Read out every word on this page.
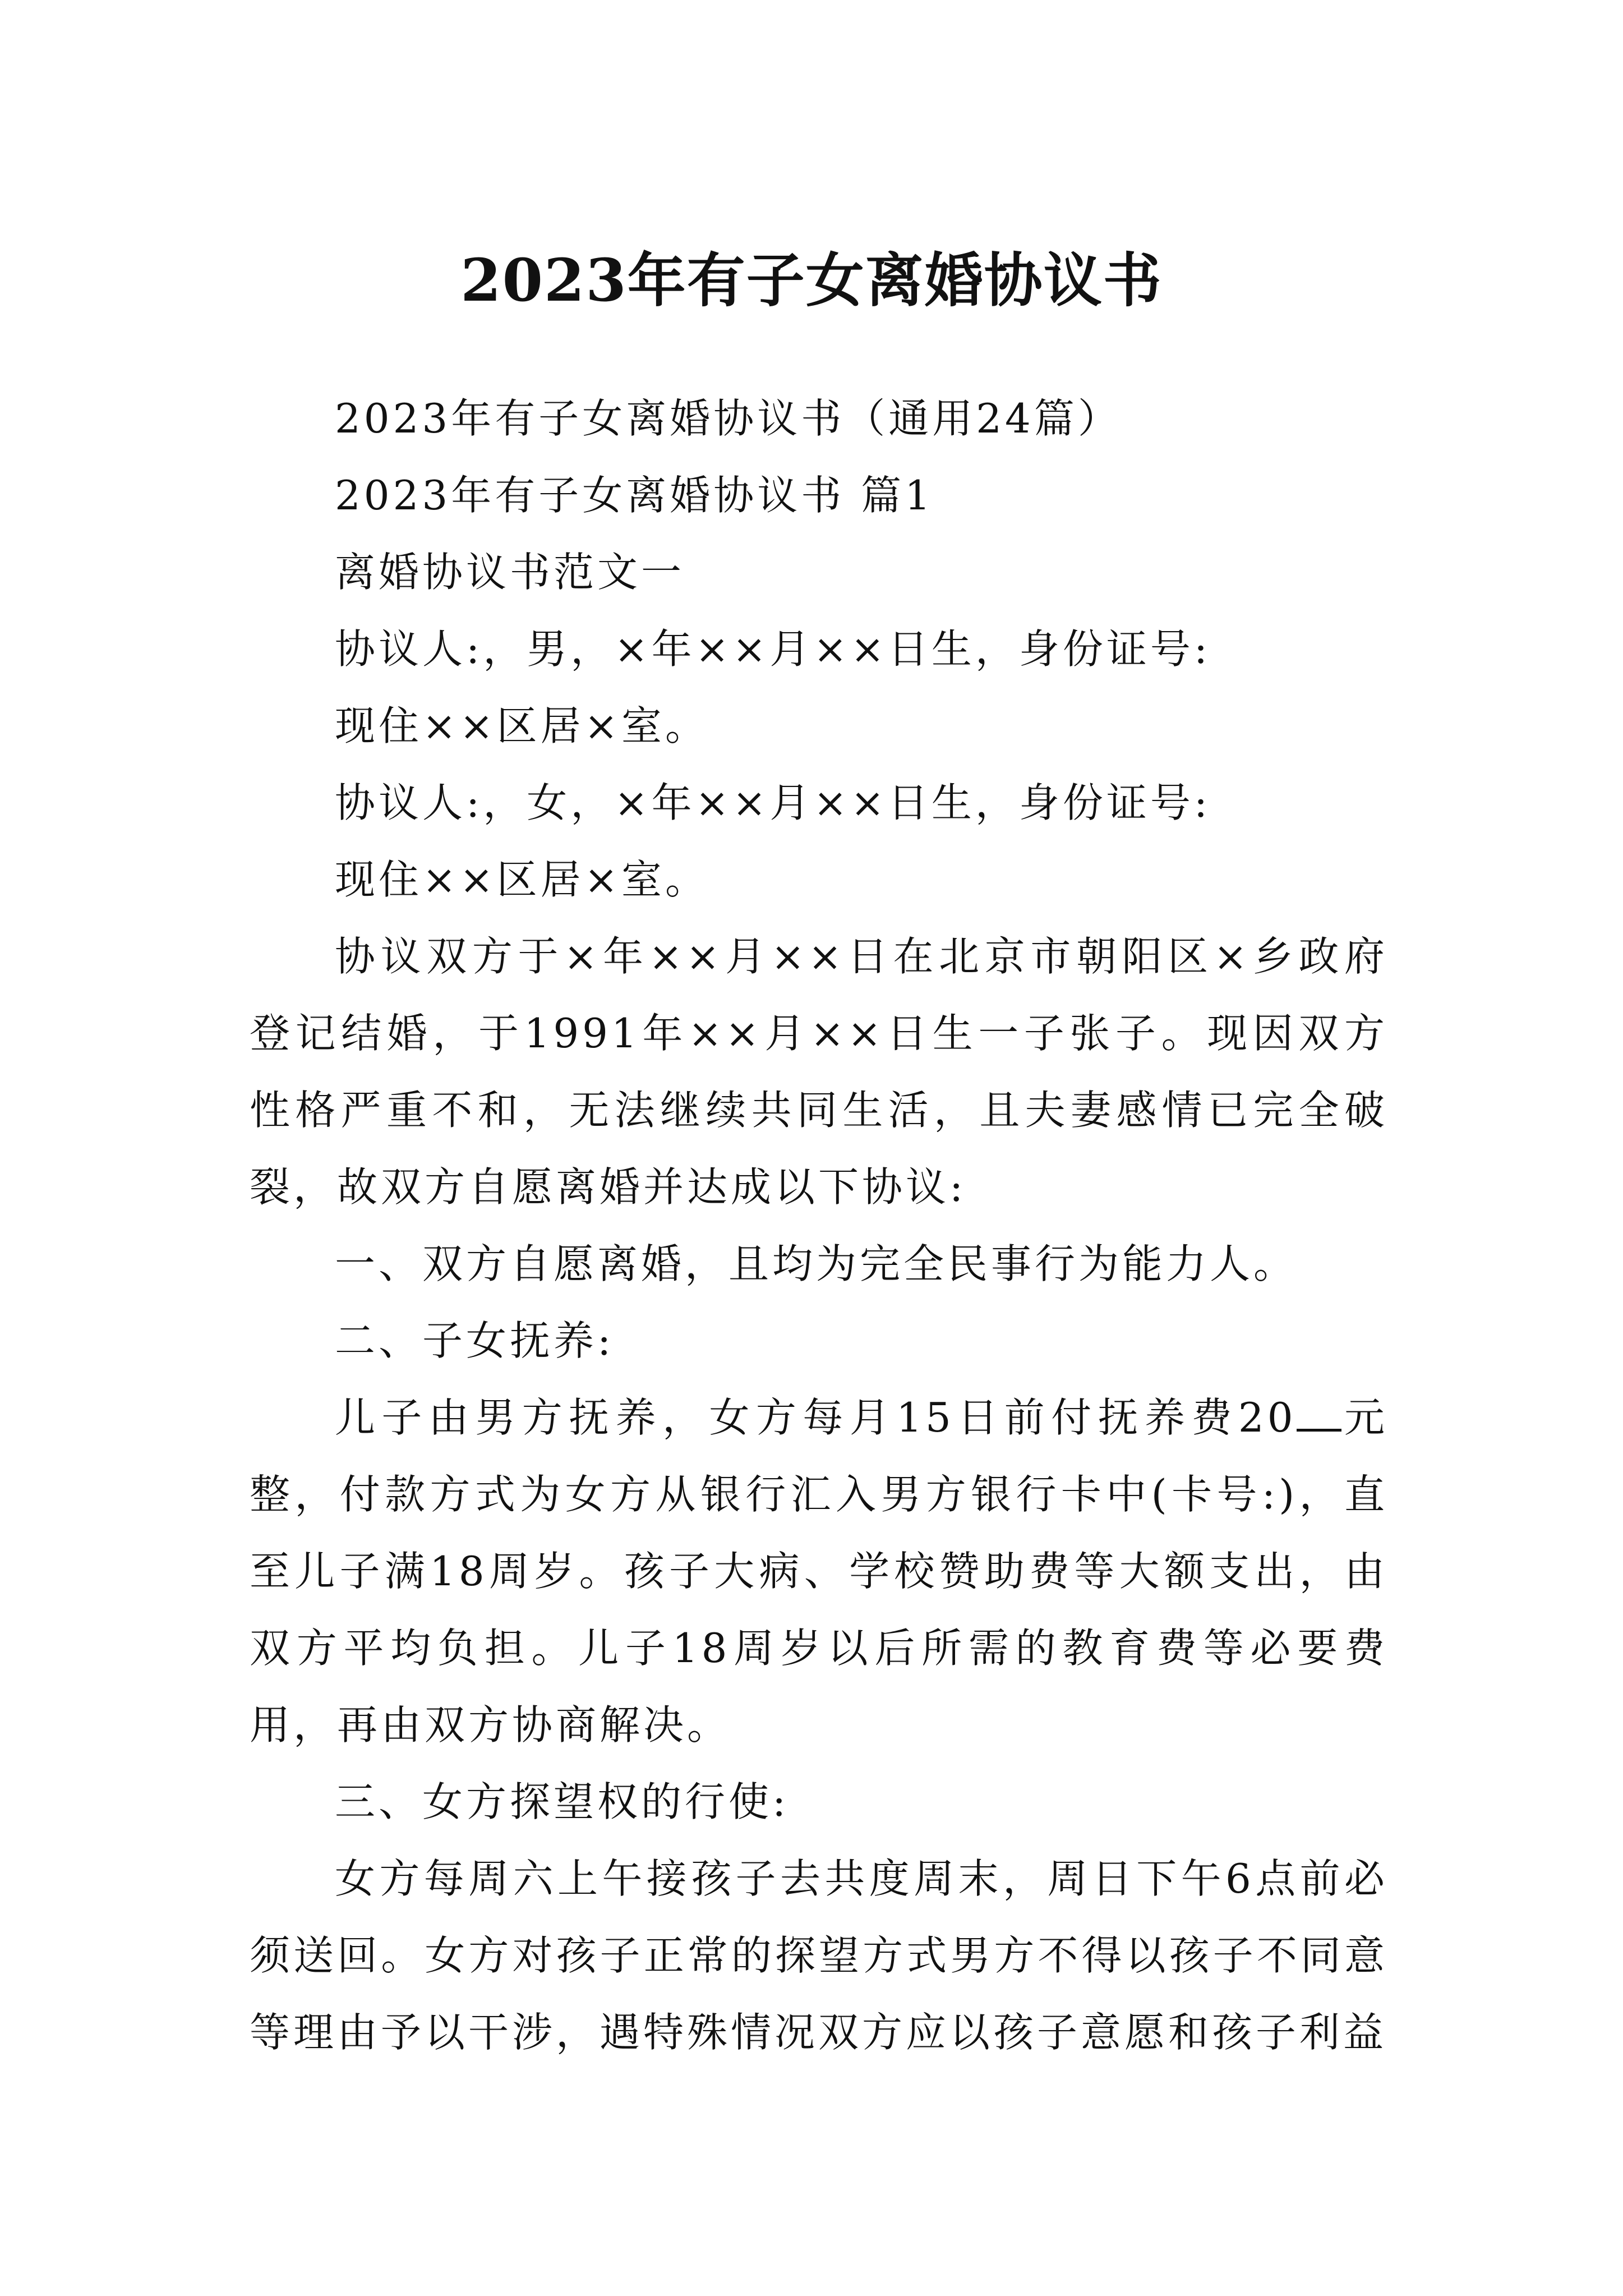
2023年有子女离婚协议书

2023年有子女离婚协议书（通用24篇）

2023年有子女离婚协议书 篇1

离婚协议书范文一

协议人:，男，×年××月××日生，身份证号:

现住××区居×室。

协议人:，女，×年××月××日生，身份证号:

现住××区居×室。

协议双方于×年××月××日在北京市朝阳区×乡政府登记结婚，于1991年××月××日生一子张子。现因双方性格严重不和，无法继续共同生活，且夫妻感情已完全破裂，故双方自愿离婚并达成以下协议:

一、双方自愿离婚，且均为完全民事行为能力人。

二、子女抚养:

儿子由男方抚养，女方每月15日前付抚养费20 元整，付款方式为女方从银行汇入男方银行卡中(卡号:)，直至儿子满18周岁。孩子大病、学校赞助费等大额支出，由双方平均负担。儿子18周岁以后所需的教育费等必要费用，再由双方协商解决。

三、女方探望权的行使:

女方每周六上午接孩子去共度周末，周日下午6点前必须送回。女方对孩子正常的探望方式男方不得以孩子不同意等理由予以干涉，遇特殊情况双方应以孩子意愿和孩子利益
